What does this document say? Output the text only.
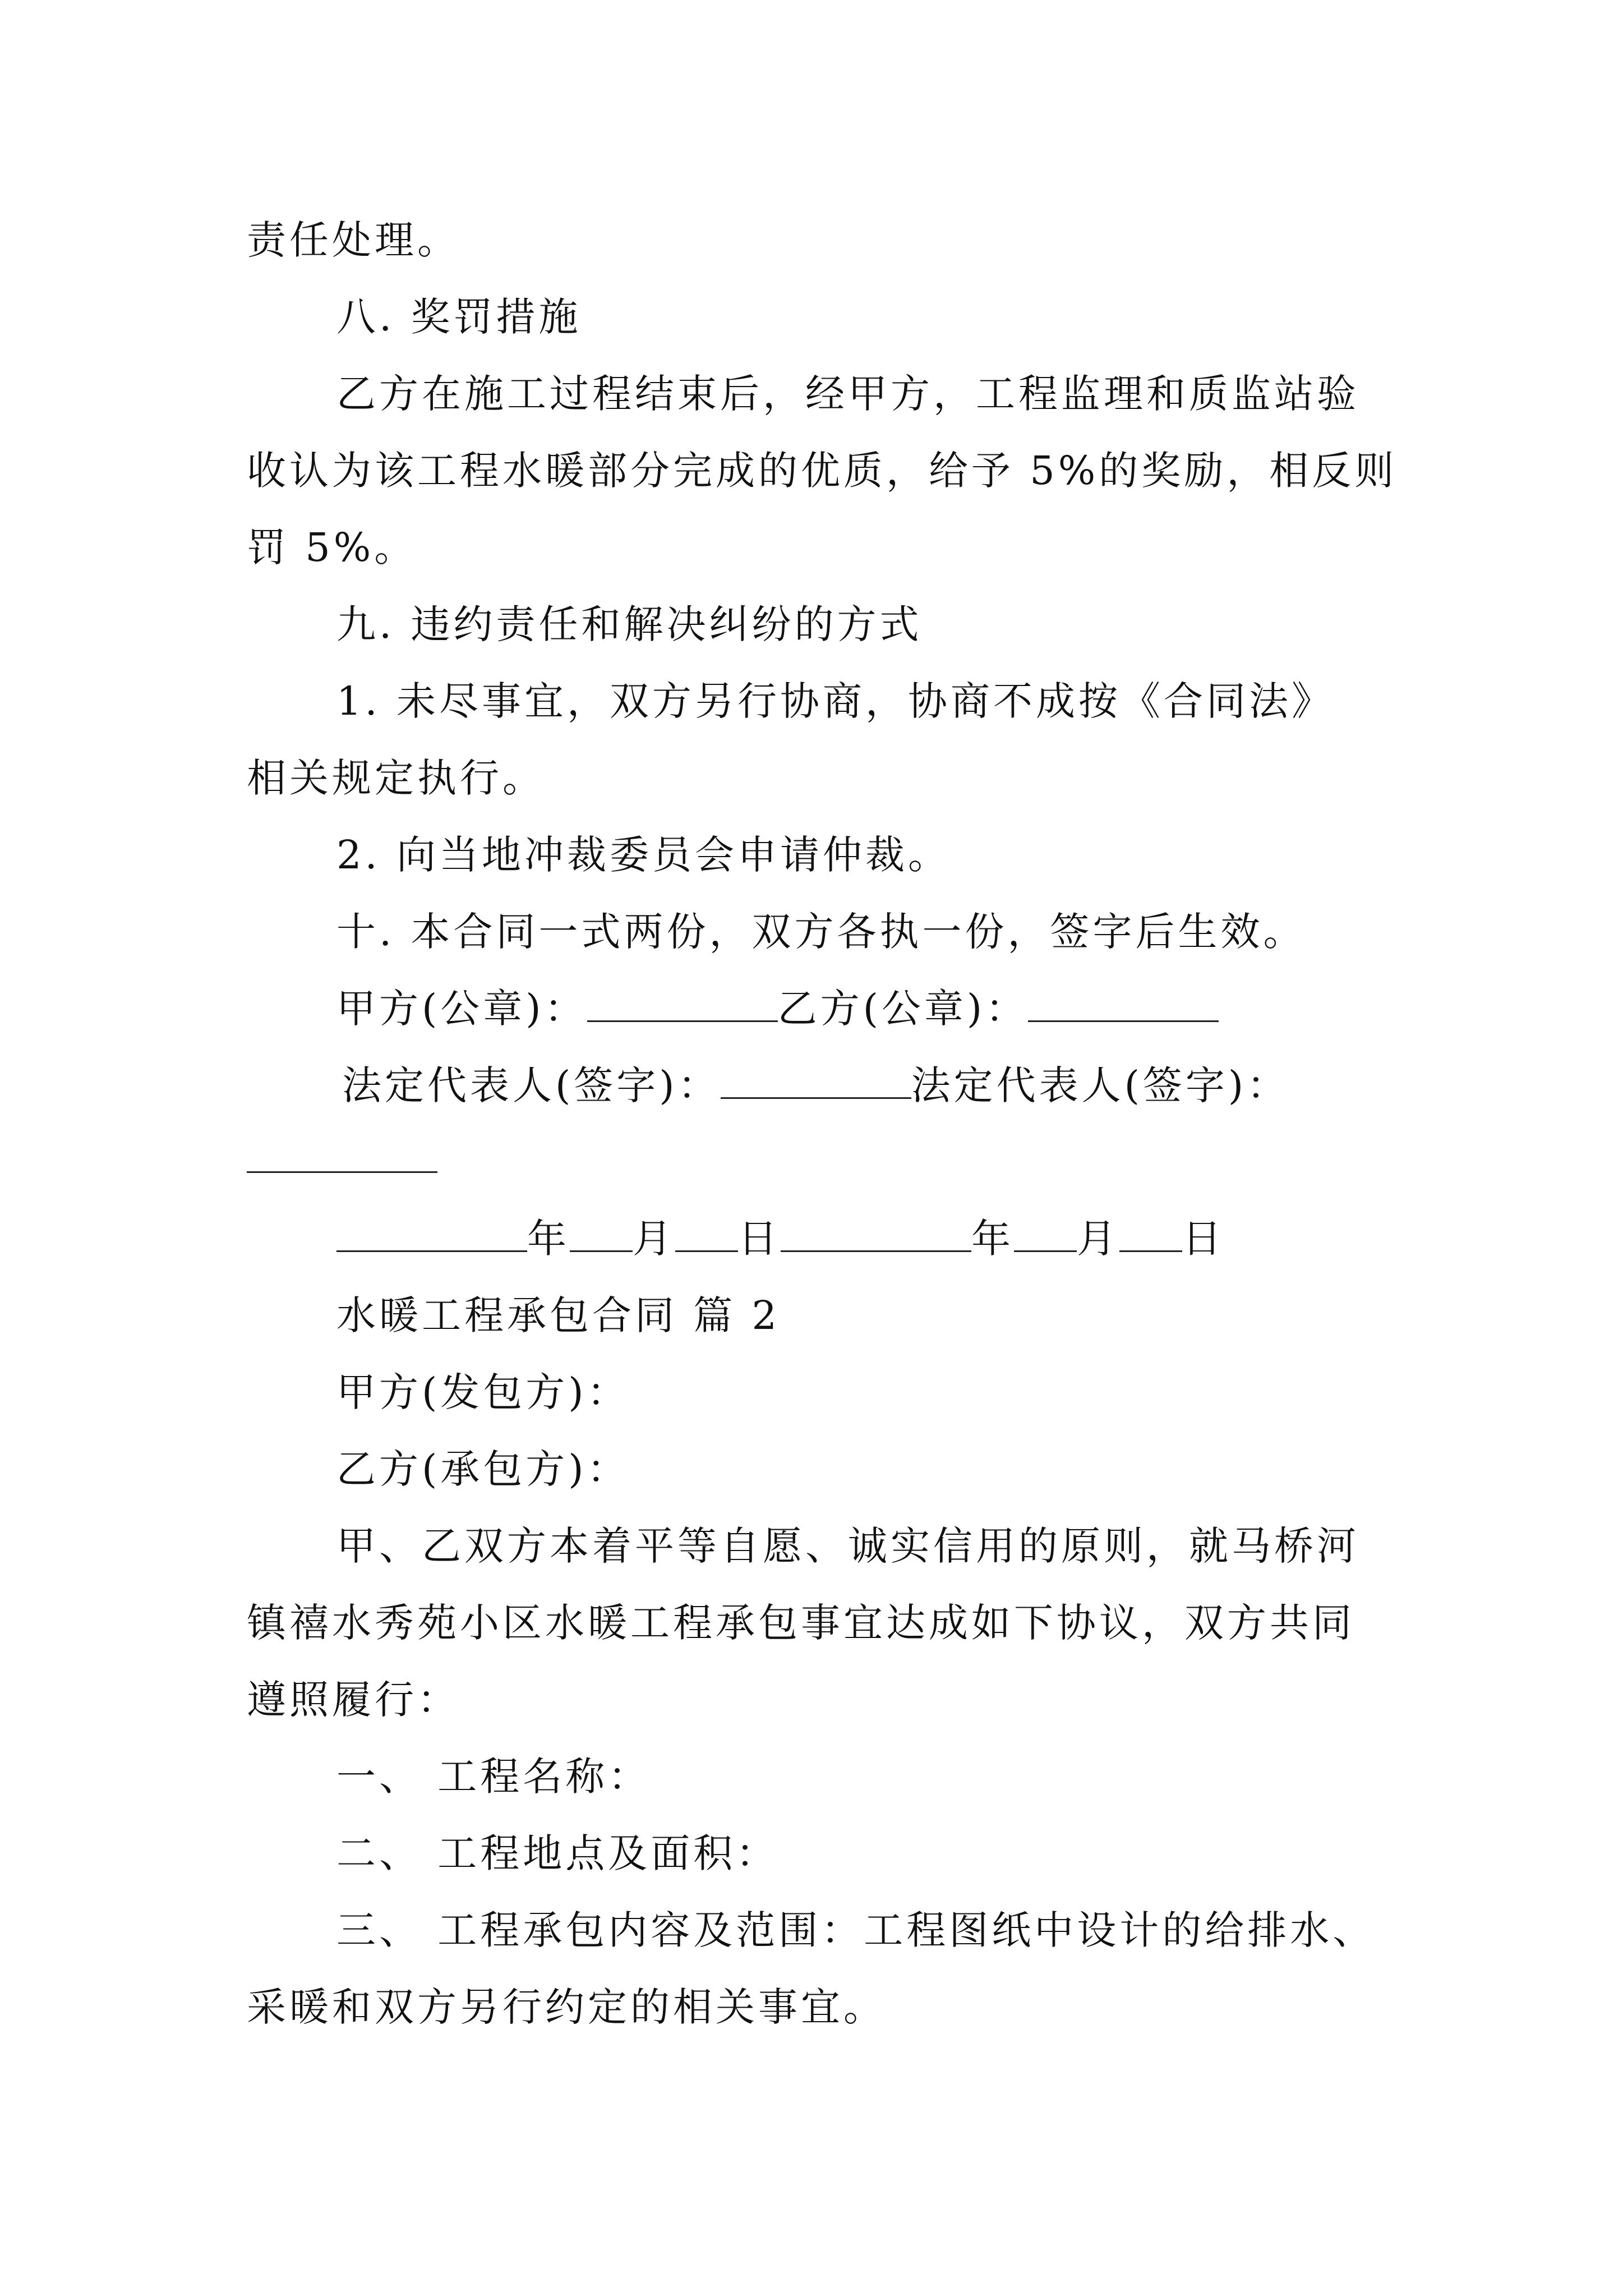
责任处理。
八. 奖罚措施
乙方在施工过程结束后，经甲方，工程监理和质监站验
收认为该工程水暖部分完成的优质，给予 5%的奖励，相反则
罚 5%。
九. 违约责任和解决纠纷的方式
1. 未尽事宜，双方另行协商，协商不成按《合同法》
相关规定执行。
2. 向当地冲裁委员会申请仲裁。
十. 本合同一式两份，双方各执一份，签字后生效。
甲方(公章)：	乙方(公章)：
法定代表人(签字)：	法定代表人(签字)：
年 月 日	年 月 日
水暖工程承包合同 篇 2
甲方(发包方)：
乙方(承包方)：
甲、乙双方本着平等自愿、诚实信用的原则，就马桥河
镇禧水秀苑小区水暖工程承包事宜达成如下协议，双方共同
遵照履行：
一、 工程名称：
二、 工程地点及面积：
三、 工程承包内容及范围：工程图纸中设计的给排水、
采暖和双方另行约定的相关事宜。
